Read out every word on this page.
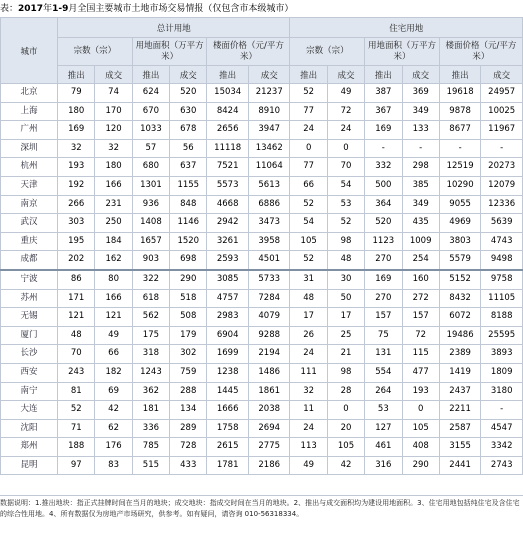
表：2017年1-9月全国主要城市土地市场交易情报（仅包含市本级城市）
城市	总计用地						住宅用地					
	宗数（宗）		用地面积（万平方米）		楼面价格（元/平方米）		宗数（宗）		用地面积（万平方米）		楼面价格（元/平方米）	
	推出	成交	推出	成交	推出	成交	推出	成交	推出	成交	推出	成交
北京	79	74	624	520	15034	21237	52	49	387	369	19618	24957
上海	180	170	670	630	8424	8910	77	72	367	349	9878	10025
广州	169	120	1033	678	2656	3947	24	24	169	133	8677	11967
深圳	32	32	57	56	11118	13462	0	0	-	-	-	-
杭州	193	180	680	637	7521	11064	77	70	332	298	12519	20273
天津	192	166	1301	1155	5573	5613	66	54	500	385	10290	12079
南京	266	231	936	848	4668	6886	52	53	364	349	9055	12336
武汉	303	250	1408	1146	2942	3473	54	52	520	435	4969	5639
重庆	195	184	1657	1520	3261	3958	105	98	1123	1009	3803	4743
成都	202	162	903	698	2593	4501	52	48	270	254	5579	9498
宁波	86	80	322	290	3085	5733	31	30	169	160	5152	9758
苏州	171	166	618	518	4757	7284	48	50	270	272	8432	11105
无锡	121	121	562	508	2983	4079	17	17	157	157	6072	8188
厦门	48	49	175	179	6904	9288	26	25	75	72	19486	25595
长沙	70	66	318	302	1699	2194	24	21	131	115	2389	3893
西安	243	182	1243	759	1238	1486	111	98	554	477	1419	1809
南宁	81	69	362	288	1445	1861	32	28	264	193	2437	3180
大连	52	42	181	134	1666	2038	11	0	53	0	2211	-
沈阳	71	62	336	289	1758	2694	24	20	127	105	2587	4547
郑州	188	176	785	728	2615	2775	113	105	461	408	3155	3342
昆明	97	83	515	433	1781	2186	49	42	316	290	2441	2743
数据说明：1.推出地块：指正式挂牌时间在当月的地块；成交地块：指成交时间在当月的地块。2、推出与成交面积均为建设用地面积。3、住宅用地包括纯住宅及含住宅的综合性用地。4、所有数据仅为房地产市场研究，供参考。如有疑问，请咨询 010-56318334。
